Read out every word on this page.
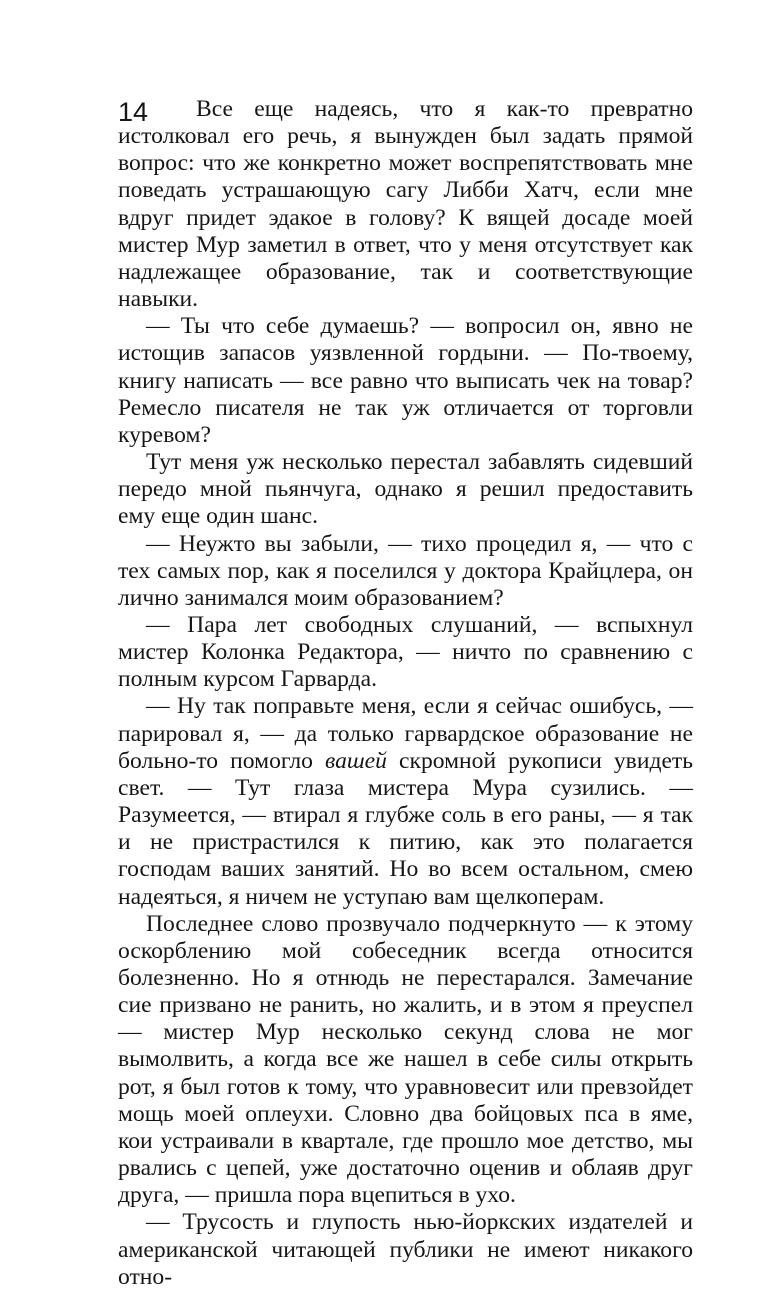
14	Все еще надеясь, что я как-то превратно истолковал его речь, я вынужден был задать прямой вопрос: что же конкретно может воспрепятствовать мне поведать устрашающую сагу Либби Хатч, если мне вдруг придет эдакое в голову? К вящей досаде моей мистер Мур заметил в ответ, что у меня отсутствует как надлежащее образование, так и соответствующие навыки.

— Ты что себе думаешь? — вопросил он, явно не истощив запасов уязвленной гордыни. — По-твоему, книгу написать — все равно что выписать чек на товар? Ремесло писателя не так уж отличается от торговли куревом?

Тут меня уж несколько перестал забавлять сидевший передо мной пьянчуга, однако я решил предоставить ему еще один шанс.

— Неужто вы забыли, — тихо процедил я, — что с тех самых пор, как я поселился у доктора Крайцлера, он лично занимался моим образованием?

— Пара лет свободных слушаний, — вспыхнул мистер Колонка Редактора, — ничто по сравнению с полным курсом Гарварда.

— Ну так поправьте меня, если я сейчас ошибусь, — парировал я, — да только гарвардское образование не больно-то помогло вашей скромной рукописи увидеть свет. — Тут глаза мистера Мура сузились. — Разумеется, — втирал я глубже соль в его раны, — я так и не пристрастился к питию, как это полагается господам ваших занятий. Но во всем остальном, смею надеяться, я ничем не уступаю вам щелкоперам.

Последнее слово прозвучало подчеркнуто — к этому оскорблению мой собеседник всегда относится болезненно. Но я отнюдь не перестарался. Замечание сие призвано не ранить, но жалить, и в этом я преуспел — мистер Мур несколько секунд слова не мог вымолвить, а когда все же нашел в себе силы открыть рот, я был готов к тому, что уравновесит или превзойдет мощь моей оплеухи. Словно два бойцовых пса в яме, кои устраивали в квартале, где прошло мое детство, мы рвались с цепей, уже достаточно оценив и облаяв друг друга, — пришла пора вцепиться в ухо.

— Трусость и глупость нью-йоркских издателей и американской читающей публики не имеют никакого отно-
